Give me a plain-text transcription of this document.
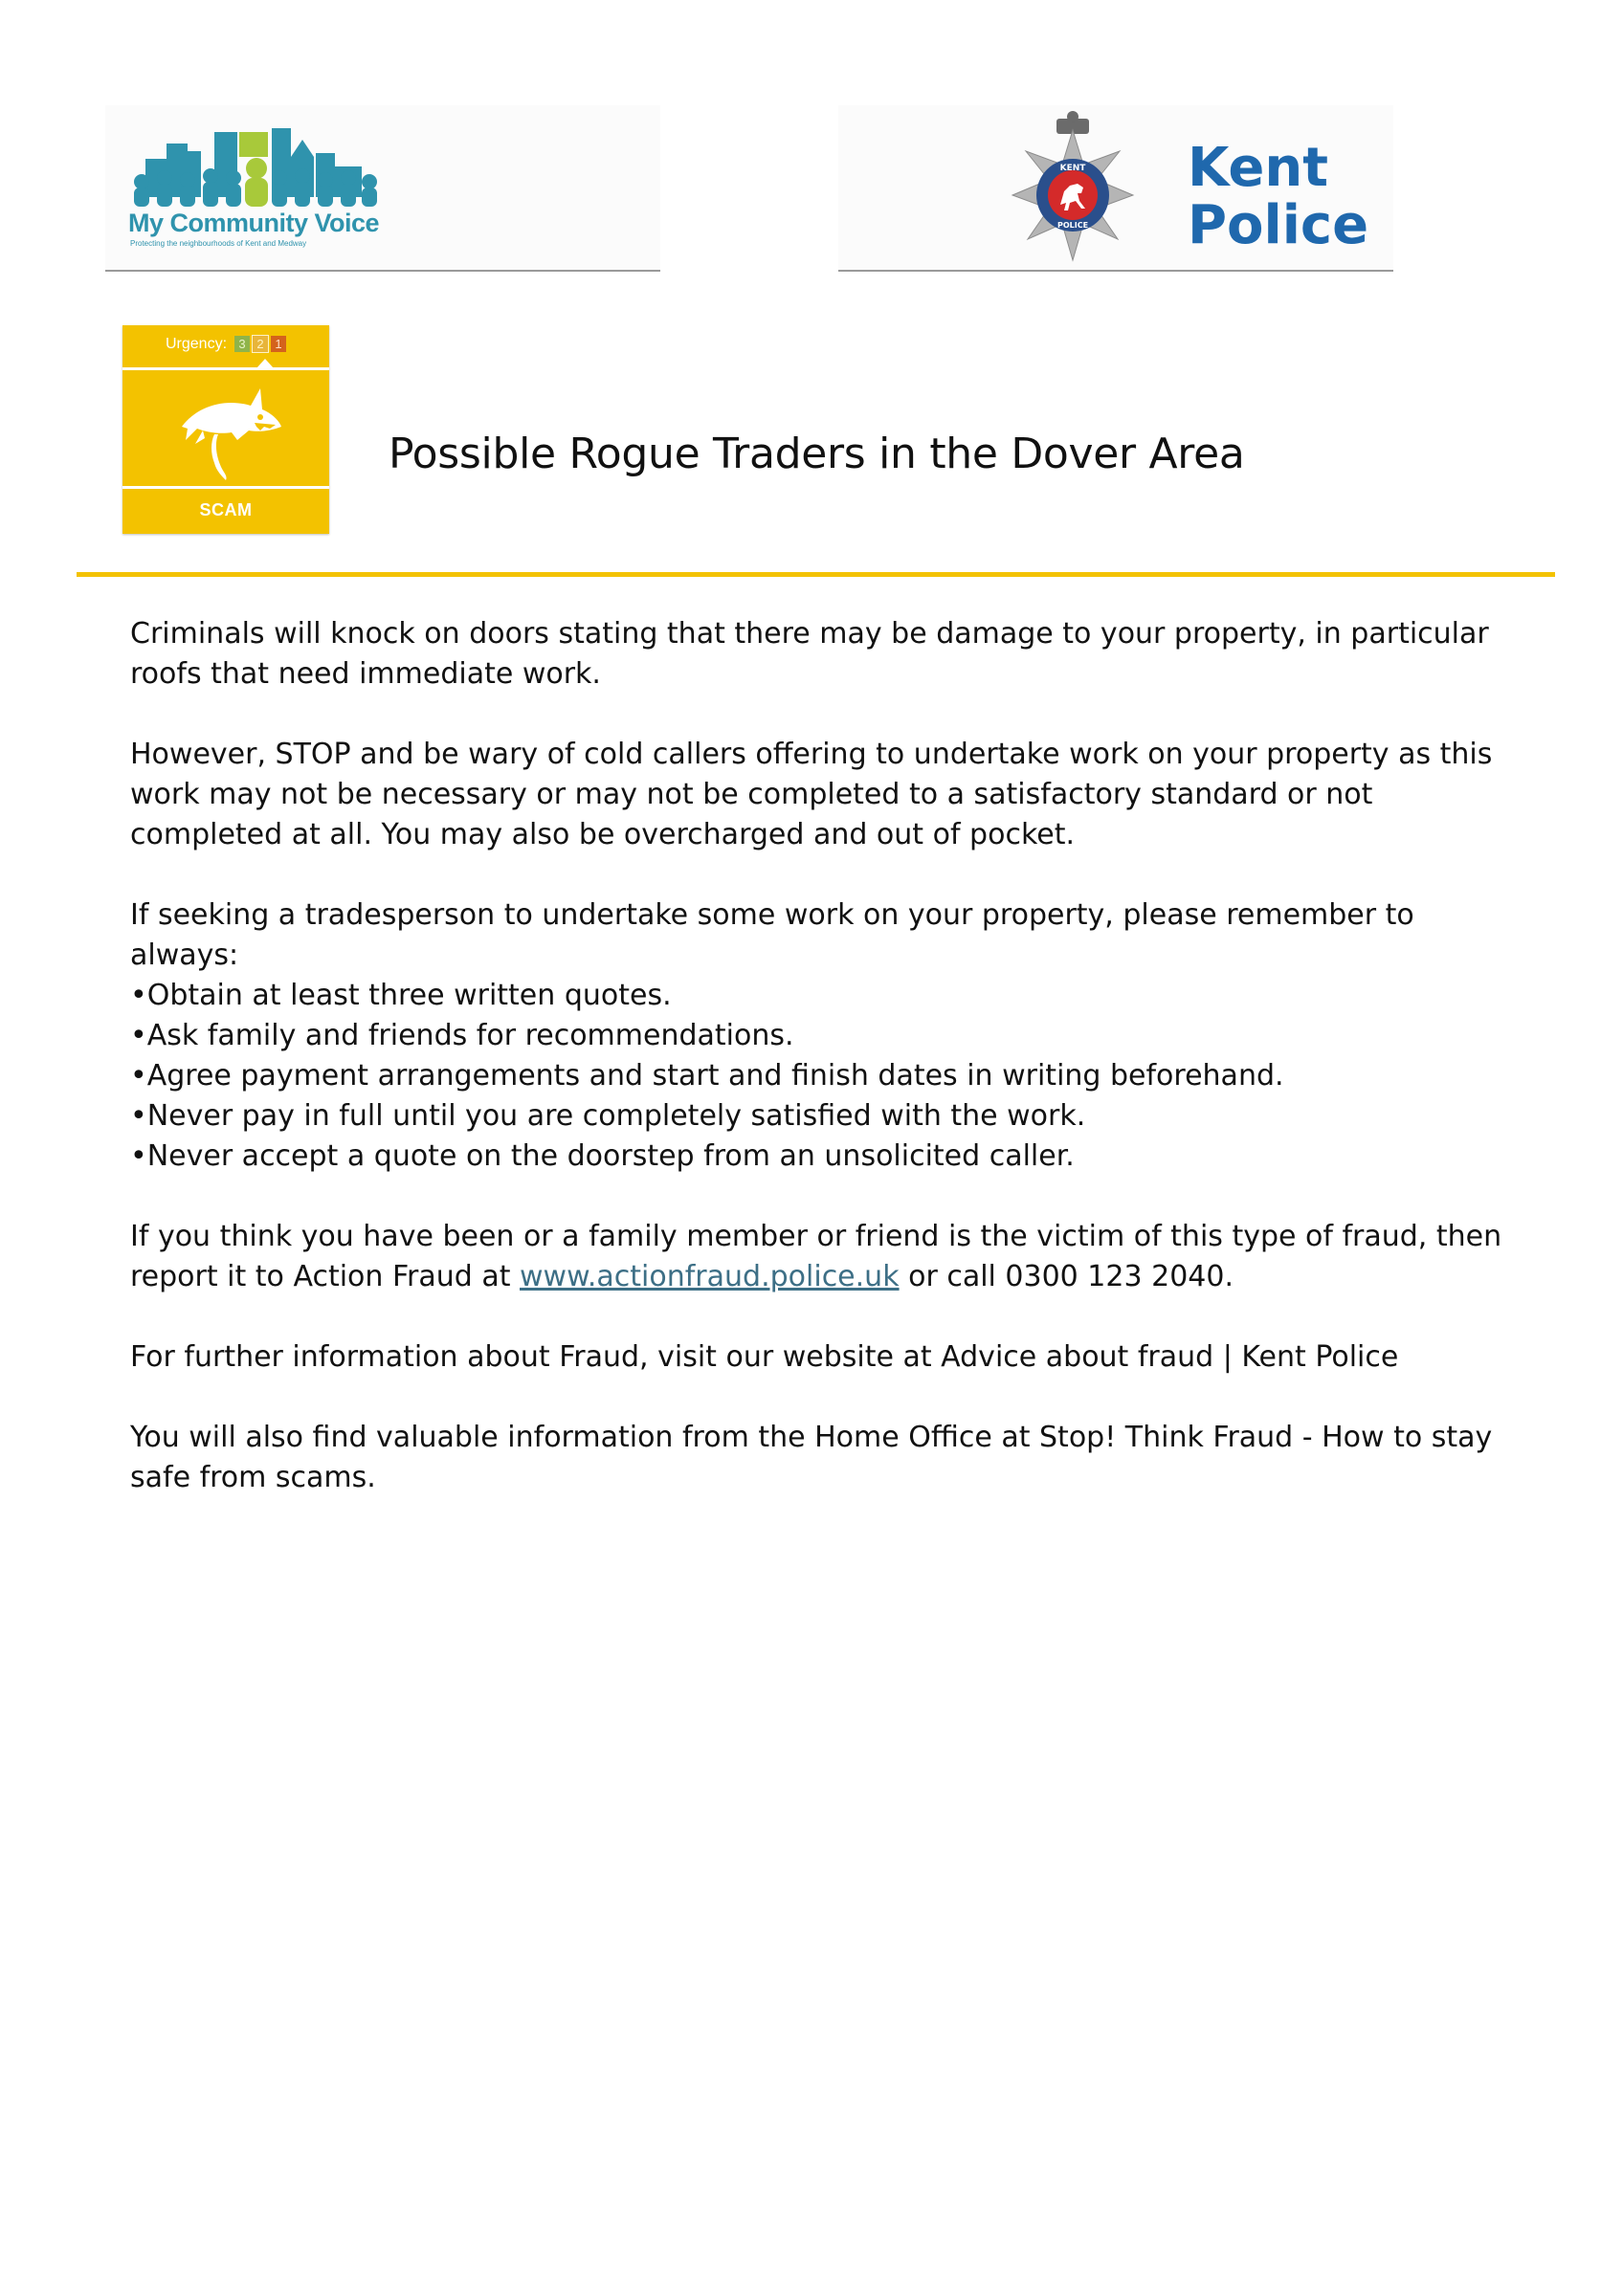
My Community Voice
Protecting the neighbourhoods of Kent and Medway
KENT
POLICE
Kent
Police
Urgency: 3 2 1
SCAM
Possible Rogue Traders in the Dover Area

Criminals will knock on doors stating that there may be damage to your property, in particular roofs that need immediate work.

However, STOP and be wary of cold callers offering to undertake work on your property as this work may not be necessary or may not be completed to a satisfactory standard or not completed at all. You may also be overcharged and out of pocket.

If seeking a tradesperson to undertake some work on your property, please remember to always:

• Obtain at least three written quotes.
• Ask family and friends for recommendations.
• Agree payment arrangements and start and finish dates in writing beforehand.
• Never pay in full until you are completely satisfied with the work.
• Never accept a quote on the doorstep from an unsolicited caller.

If you think you have been or a family member or friend is the victim of this type of fraud, then report it to Action Fraud at www.actionfraud.police.uk or call 0300 123 2040.

For further information about Fraud, visit our website at Advice about fraud | Kent Police

You will also find valuable information from the Home Office at Stop! Think Fraud - How to stay safe from scams.
